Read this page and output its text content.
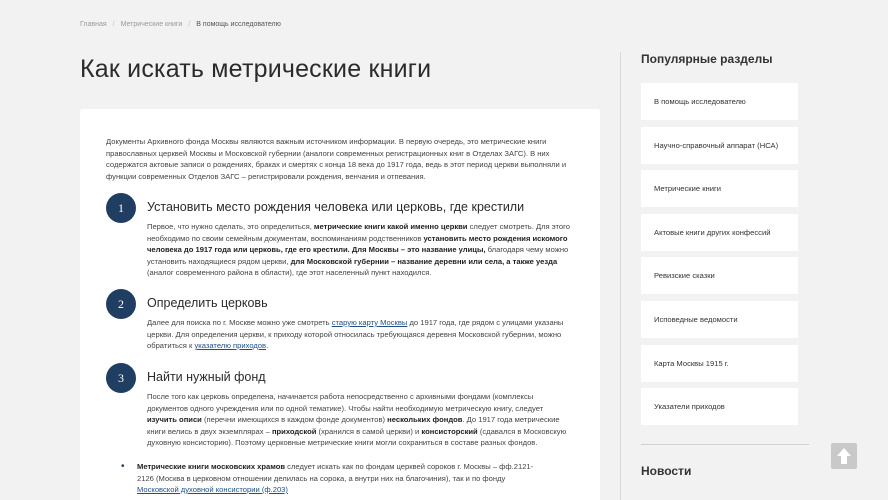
Главная / Метрические книги / В помощь исследователю
Как искать метрические книги

Документы Архивного фонда Москвы являются важным источником информации. В первую очередь, это метрические книги православных церквей Москвы и Московской губернии (аналоги современных регистрационных книг в Отделах ЗАГС). В них содержатся актовые записи о рождениях, браках и смертях с конца 18 века до 1917 года, ведь в этот период церкви выполняли и функции современных Отделов ЗАГС – регистрировали рождения, венчания и отпевания.

1	Установить место рождения человека или церковь, где крестили

Первое, что нужно сделать, это определиться, метрические книги какой именно церкви следует смотреть. Для этого необходимо по своим семейным документам, воспоминаниям родственников установить место рождения искомого человека до 1917 года или церковь, где его крестили. Для Москвы – это название улицы, благодаря чему можно установить находящиеся рядом церкви, для Московской губернии – название деревни или села, а также уезда (аналог современного района в области), где этот населенный пункт находился.

2	Определить церковь

Далее для поиска по г. Москве можно уже смотреть старую карту Москвы до 1917 года, где рядом с улицами указаны церкви. Для определения церкви, к приходу которой относилась требующаяся деревня Московской губернии, можно обратиться к указателю приходов.

3	Найти нужный фонд

После того как церковь определена, начинается работа непосредственно с архивными фондами (комплексы документов одного учреждения или по одной тематике). Чтобы найти необходимую метрическую книгу, следует изучить описи (перечни имеющихся в каждом фонде документов) нескольких фондов. До 1917 года метрические книги велись в двух экземплярах – приходской (хранился в самой церкви) и консисторский (сдавался в Московскую духовную консисторию). Поэтому церковные метрические книги могли сохраниться в составе разных фондов.

• Метрические книги московских храмов следует искать как по фондам церквей сороков г. Москвы – фф.2121-2126 (Москва в церковном отношении делилась на сорока, а внутри них на благочиния), так и по фонду Московской духовной консистории (ф.203)

Популярные разделы
В помощь исследователю
Научно-справочный аппарат (НСА)
Метрические книги
Актовые книги других конфессий
Ревизские сказки
Исповедные ведомости
Карта Москвы 1915 г.
Указатели приходов
Новости
